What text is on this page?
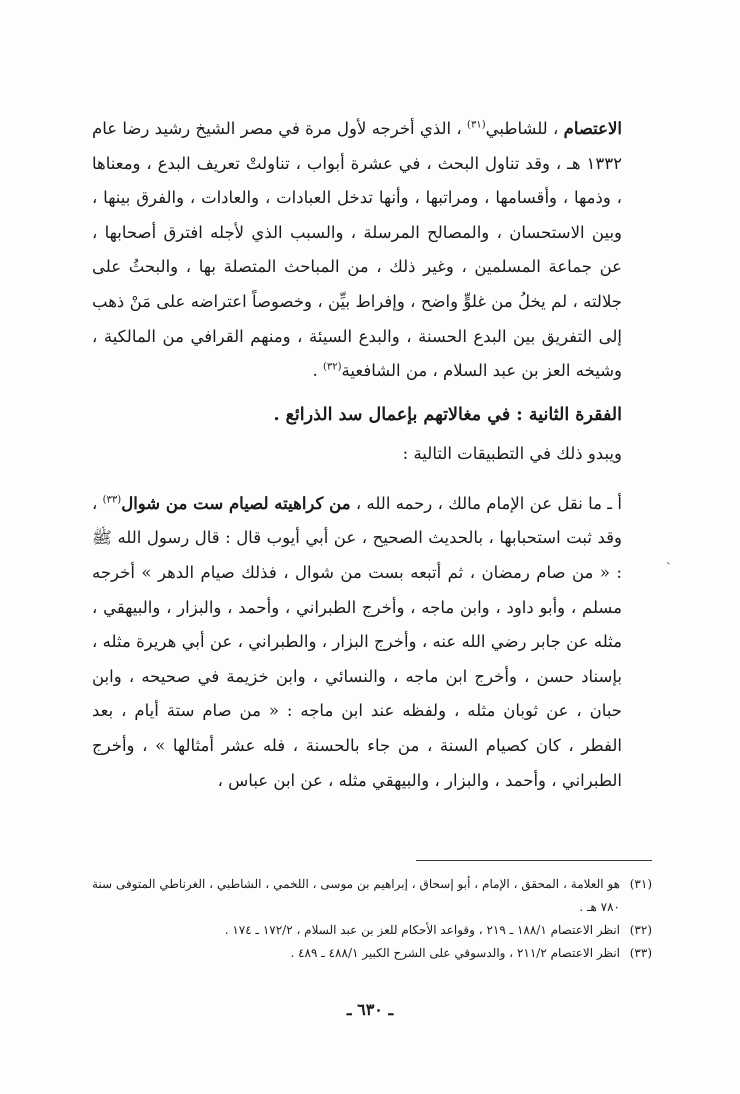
الاعتصام ، للشاطبي$^{(٣١)}$ ، الذي أخرجه لأول مرة في مصر الشيخ رشيد رضا عام ١٣٣٢ هـ ، وقد تناول البحث ، في عشرة أبواب ، تناولتْ تعريف البدع ، ومعناها ، وذمها ، وأقسامها ، ومراتبها ، وأنها تدخل العبادات ، والعادات ، والفرق بينها ، وبين الاستحسان ، والمصالح المرسلة ، والسبب الذي لأجله افترق أصحابها ، عن جماعة المسلمين ، وغير ذلك ، من المباحث المتصلة بها ، والبحثُ على جلالته ، لم يخلُ من غلوٍّ واضح ، وإفراط بيِّن ، وخصوصاً اعتراضه على مَنْ ذهب إلى التفريق بين البدع الحسنة ، والبدع السيئة ، ومنهم القرافي من المالكية ، وشيخه العز بن عبد السلام ، من الشافعية$^{(٣٢)}$ .

الفقرة الثانية : في مغالاتهم بإعمال سد الذرائع .
ويبدو ذلك في التطبيقات التالية :

أ ـ ما نقل عن الإمام مالك ، رحمه الله ، من كراهيته لصيام ست من شوال$^{(٣٣)}$ ، وقد ثبت استحبابها ، بالحديث الصحيح ، عن أبي أيوب قال : قال رسول الله ﷺ : « من صام رمضان ، ثم أتبعه بست من شوال ، فذلك صيام الدهر » أخرجه مسلم ، وأبو داود ، وابن ماجه ، وأخرج الطبراني ، وأحمد ، والبزار ، والبيهقي ، مثله عن جابر رضي الله عنه ، وأخرج البزار ، والطبراني ، عن أبي هريرة مثله ، بإسناد حسن ، وأخرج ابن ماجه ، والنسائي ، وابن خزيمة في صحيحه ، وابن حبان ، عن ثوبان مثله ، ولفظه عند ابن ماجه : « من صام ستة أيام ، بعد الفطر ، كان كصيام السنة ، من جاء بالحسنة ، فله عشر أمثالها » ، وأخرج الطبراني ، وأحمد ، والبزار ، والبيهقي مثله ، عن ابن عباس ،

ˋ
(٣١)
هو العلامة ، المحقق ، الإمام ، أبو إسحاق ، إبراهيم بن موسى ، اللخمي ، الشاطبي ، الغرناطي المتوفى سنة ٧٨٠ هـ .
(٣٢)
انظر الاعتصام ١٨٨/١ ـ ٢١٩ ، وقواعد الأحكام للعز بن عبد السلام ، ١٧٢/٢ ـ ١٧٤ .
(٣٣)
انظر الاعتصام ٢١١/٢ ، والدسوقي على الشرح الكبير ٤٨٨/١ ـ ٤٨٩ .
ـ ٦٣٠ ـ
